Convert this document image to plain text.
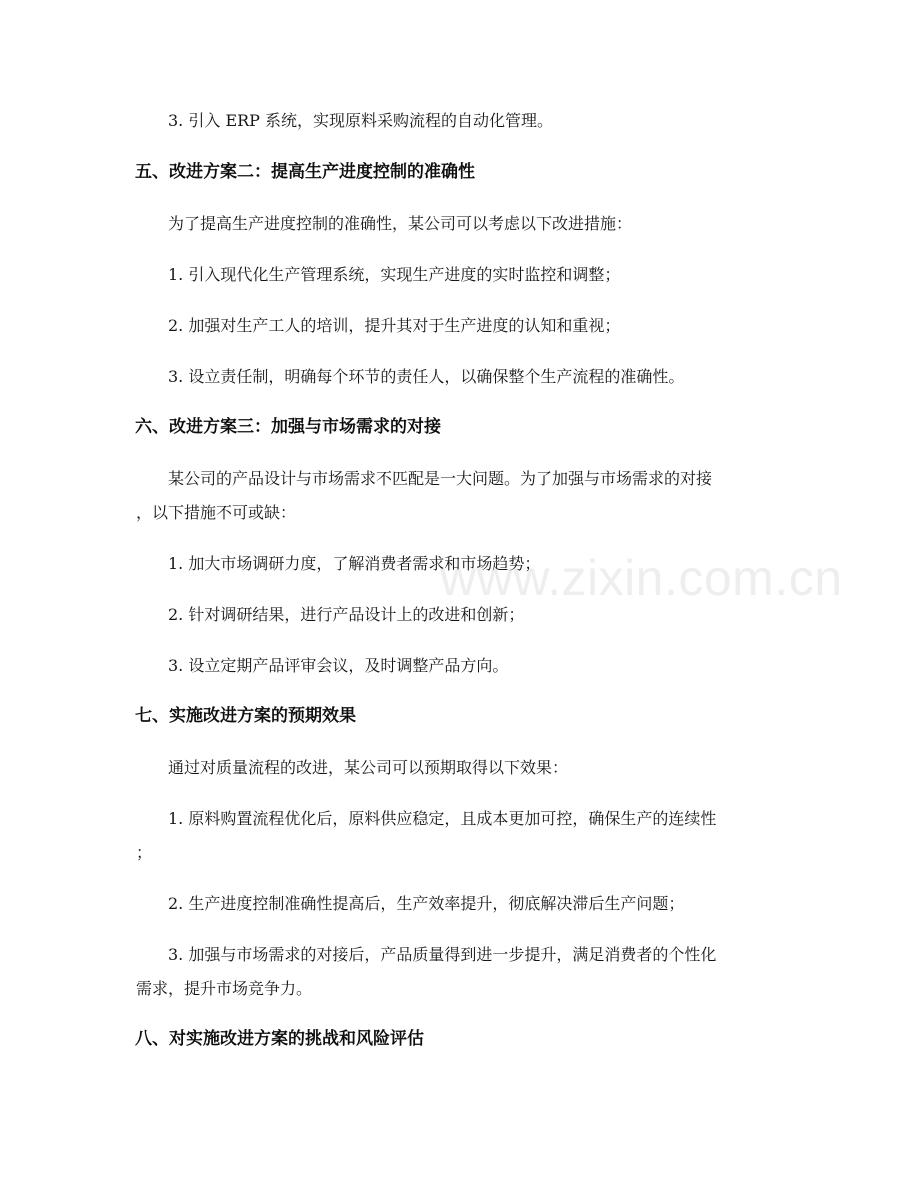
3. 引入 ERP 系统，实现原料采购流程的自动化管理。
五、改进方案二：提高生产进度控制的准确性
为了提高生产进度控制的准确性，某公司可以考虑以下改进措施：
1. 引入现代化生产管理系统，实现生产进度的实时监控和调整；
2. 加强对生产工人的培训，提升其对于生产进度的认知和重视；
3. 设立责任制，明确每个环节的责任人，以确保整个生产流程的准确性。
六、改进方案三：加强与市场需求的对接
某公司的产品设计与市场需求不匹配是一大问题。为了加强与市场需求的对接
，以下措施不可或缺：
1. 加大市场调研力度，了解消费者需求和市场趋势；
2. 针对调研结果，进行产品设计上的改进和创新；
3. 设立定期产品评审会议，及时调整产品方向。
七、实施改进方案的预期效果
通过对质量流程的改进，某公司可以预期取得以下效果：
1. 原料购置流程优化后，原料供应稳定，且成本更加可控，确保生产的连续性
；
2. 生产进度控制准确性提高后，生产效率提升，彻底解决滞后生产问题；
3. 加强与市场需求的对接后，产品质量得到进一步提升，满足消费者的个性化
需求，提升市场竞争力。
八、对实施改进方案的挑战和风险评估
www.zixin.com.cn
